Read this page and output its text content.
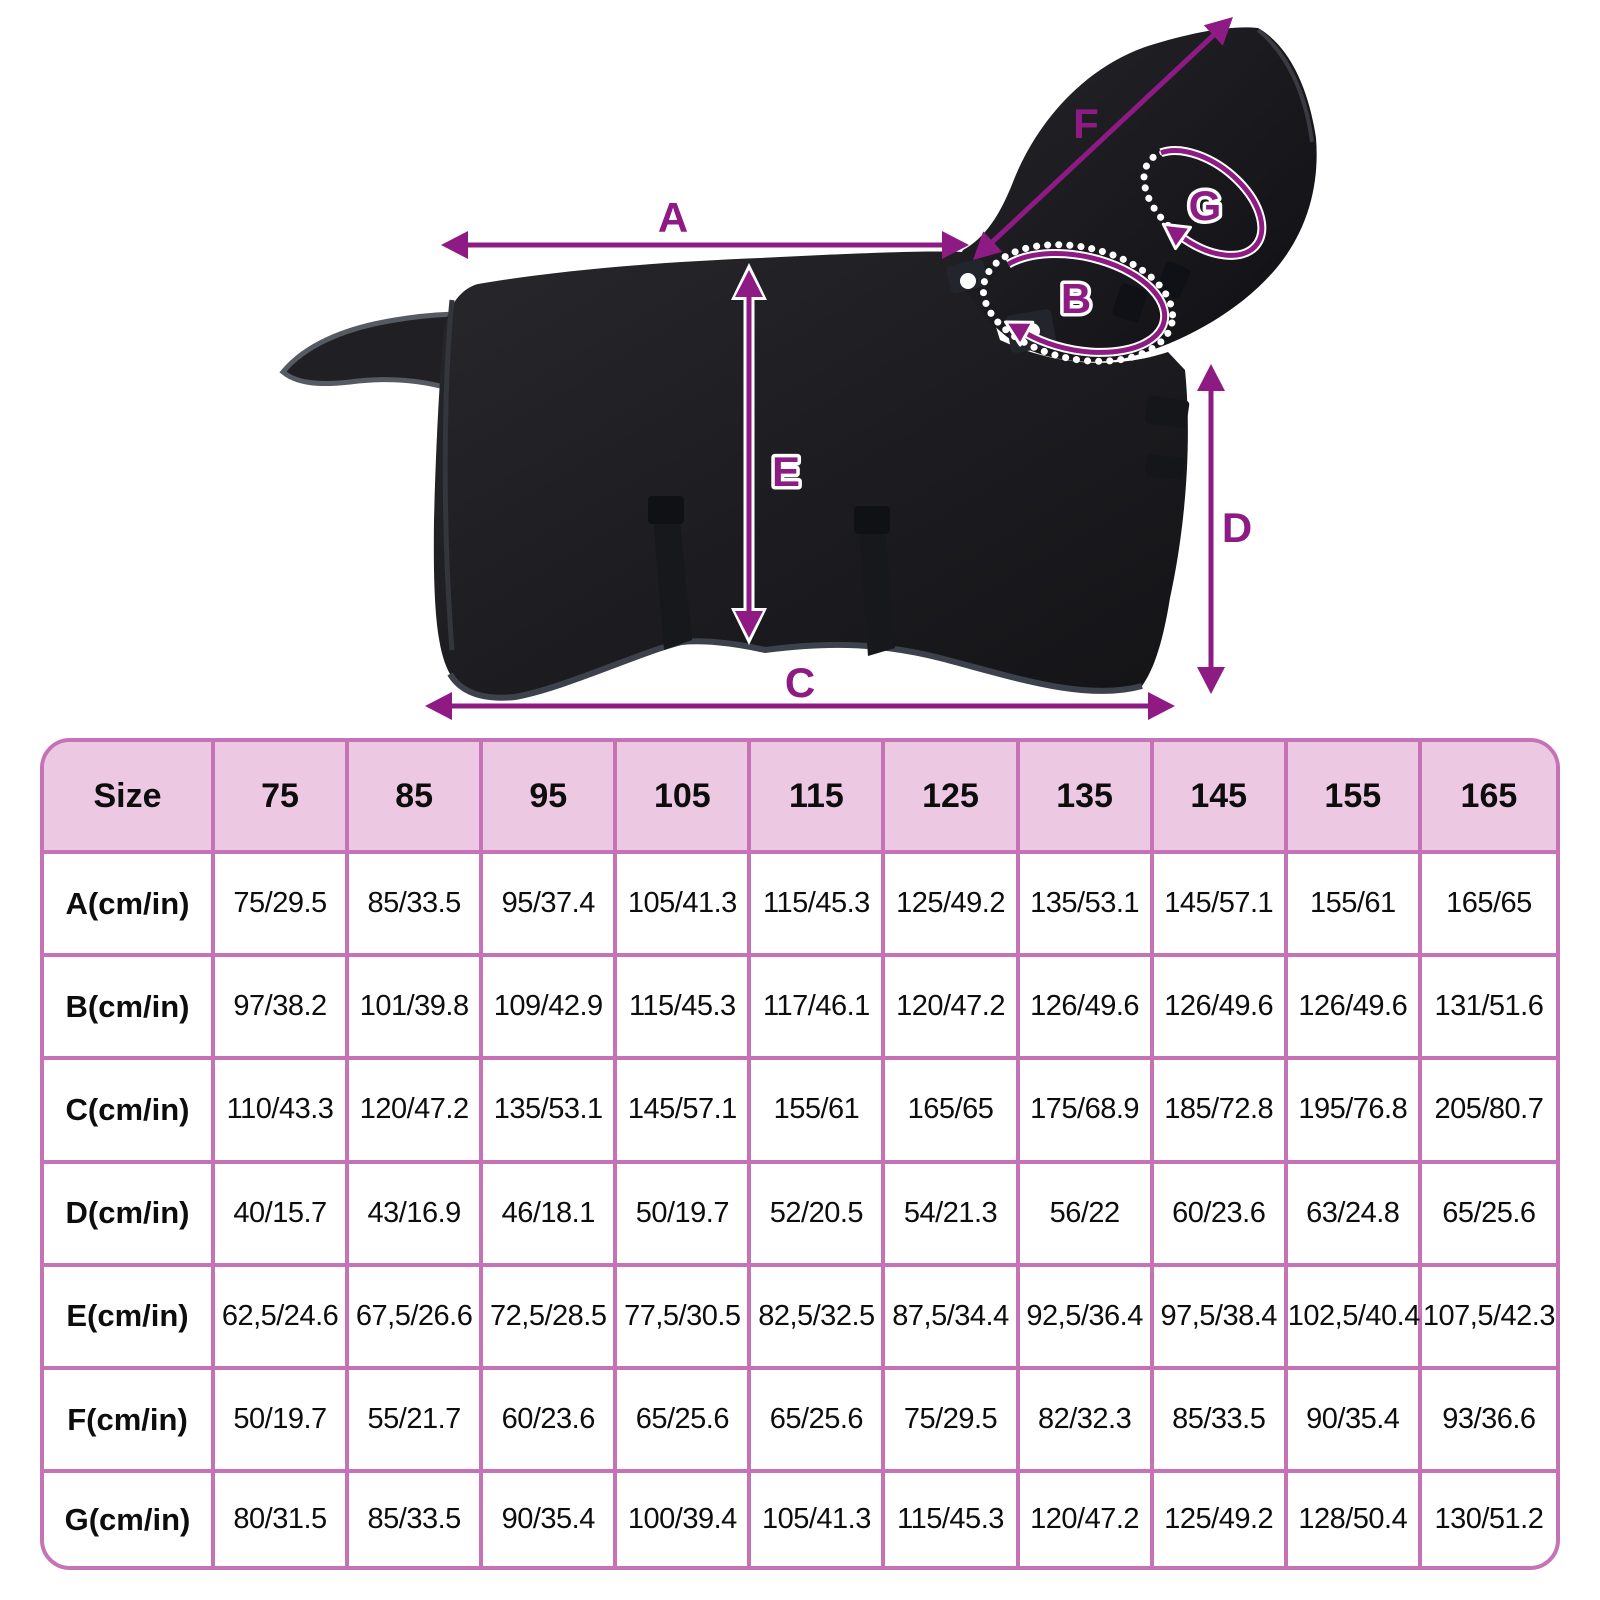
A
F
E
D
C
B
G
Size	75	85	95	105	115	125	135	145	155	165
A(cm/in)	75/29.5	85/33.5	95/37.4	105/41.3	115/45.3	125/49.2	135/53.1	145/57.1	155/61	165/65
B(cm/in)	97/38.2	101/39.8	109/42.9	115/45.3	117/46.1	120/47.2	126/49.6	126/49.6	126/49.6	131/51.6
C(cm/in)	110/43.3	120/47.2	135/53.1	145/57.1	155/61	165/65	175/68.9	185/72.8	195/76.8	205/80.7
D(cm/in)	40/15.7	43/16.9	46/18.1	50/19.7	52/20.5	54/21.3	56/22	60/23.6	63/24.8	65/25.6
E(cm/in)	62,5/24.6	67,5/26.6	72,5/28.5	77,5/30.5	82,5/32.5	87,5/34.4	92,5/36.4	97,5/38.4	102,5/40.4	107,5/42.3
F(cm/in)	50/19.7	55/21.7	60/23.6	65/25.6	65/25.6	75/29.5	82/32.3	85/33.5	90/35.4	93/36.6
G(cm/in)	80/31.5	85/33.5	90/35.4	100/39.4	105/41.3	115/45.3	120/47.2	125/49.2	128/50.4	130/51.2
